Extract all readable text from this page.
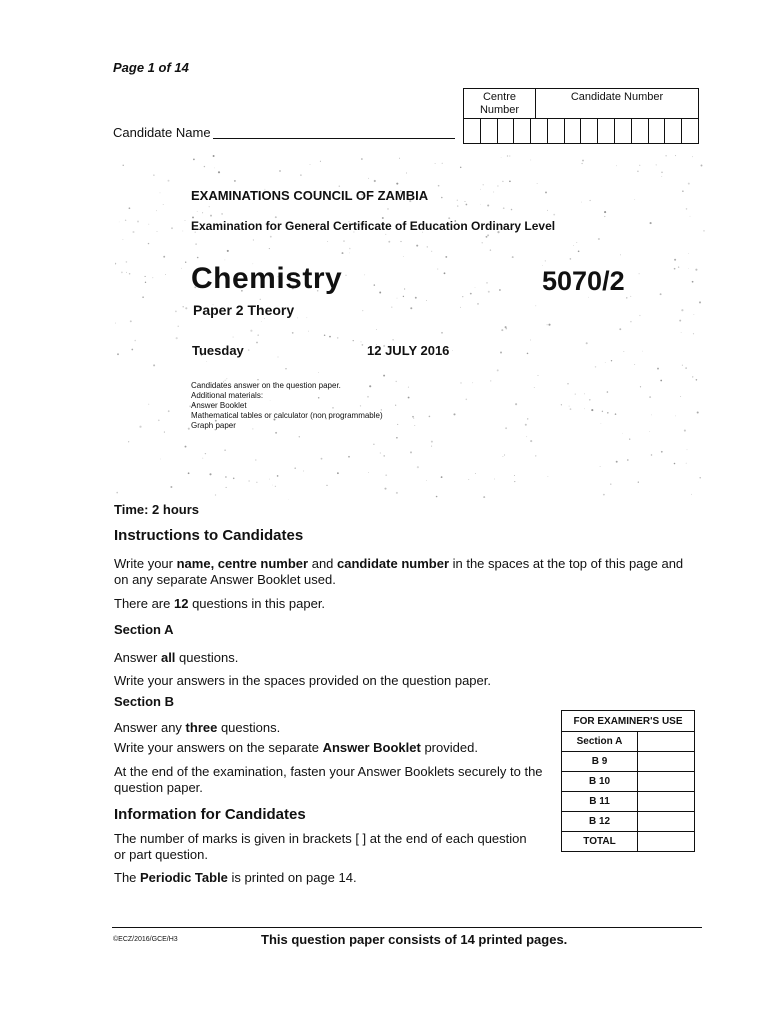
Page 1 of 14
Candidate Name
Centre Number
Candidate Number
EXAMINATIONS COUNCIL OF ZAMBIA
Examination for General Certificate of Education Ordinary Level
Chemistry	5070/2
Paper 2 Theory
Tuesday	12 JULY 2016
Candidates answer on the question paper.
Additional materials:
Answer Booklet
Mathematical tables or calculator (non programmable)
Graph paper
Time: 2 hours
Instructions to Candidates
Write your name, centre number and candidate number in the spaces at the top of this page and on any separate Answer Booklet used.
There are 12 questions in this paper.
Section A
Answer all questions.
Write your answers in the spaces provided on the question paper.
Section B
Answer any three questions.
Write your answers on the separate Answer Booklet provided.
At the end of the examination, fasten your Answer Booklets securely to the question paper.
FOR EXAMINER'S USE	
Section A	
B 9	
B 10	
B 11	
B 12	
TOTAL	
Information for Candidates
The number of marks is given in brackets [ ] at the end of each question or part question.
The Periodic Table is printed on page 14.
©ECZ/2016/GCE/H3	This question paper consists of 14 printed pages.
